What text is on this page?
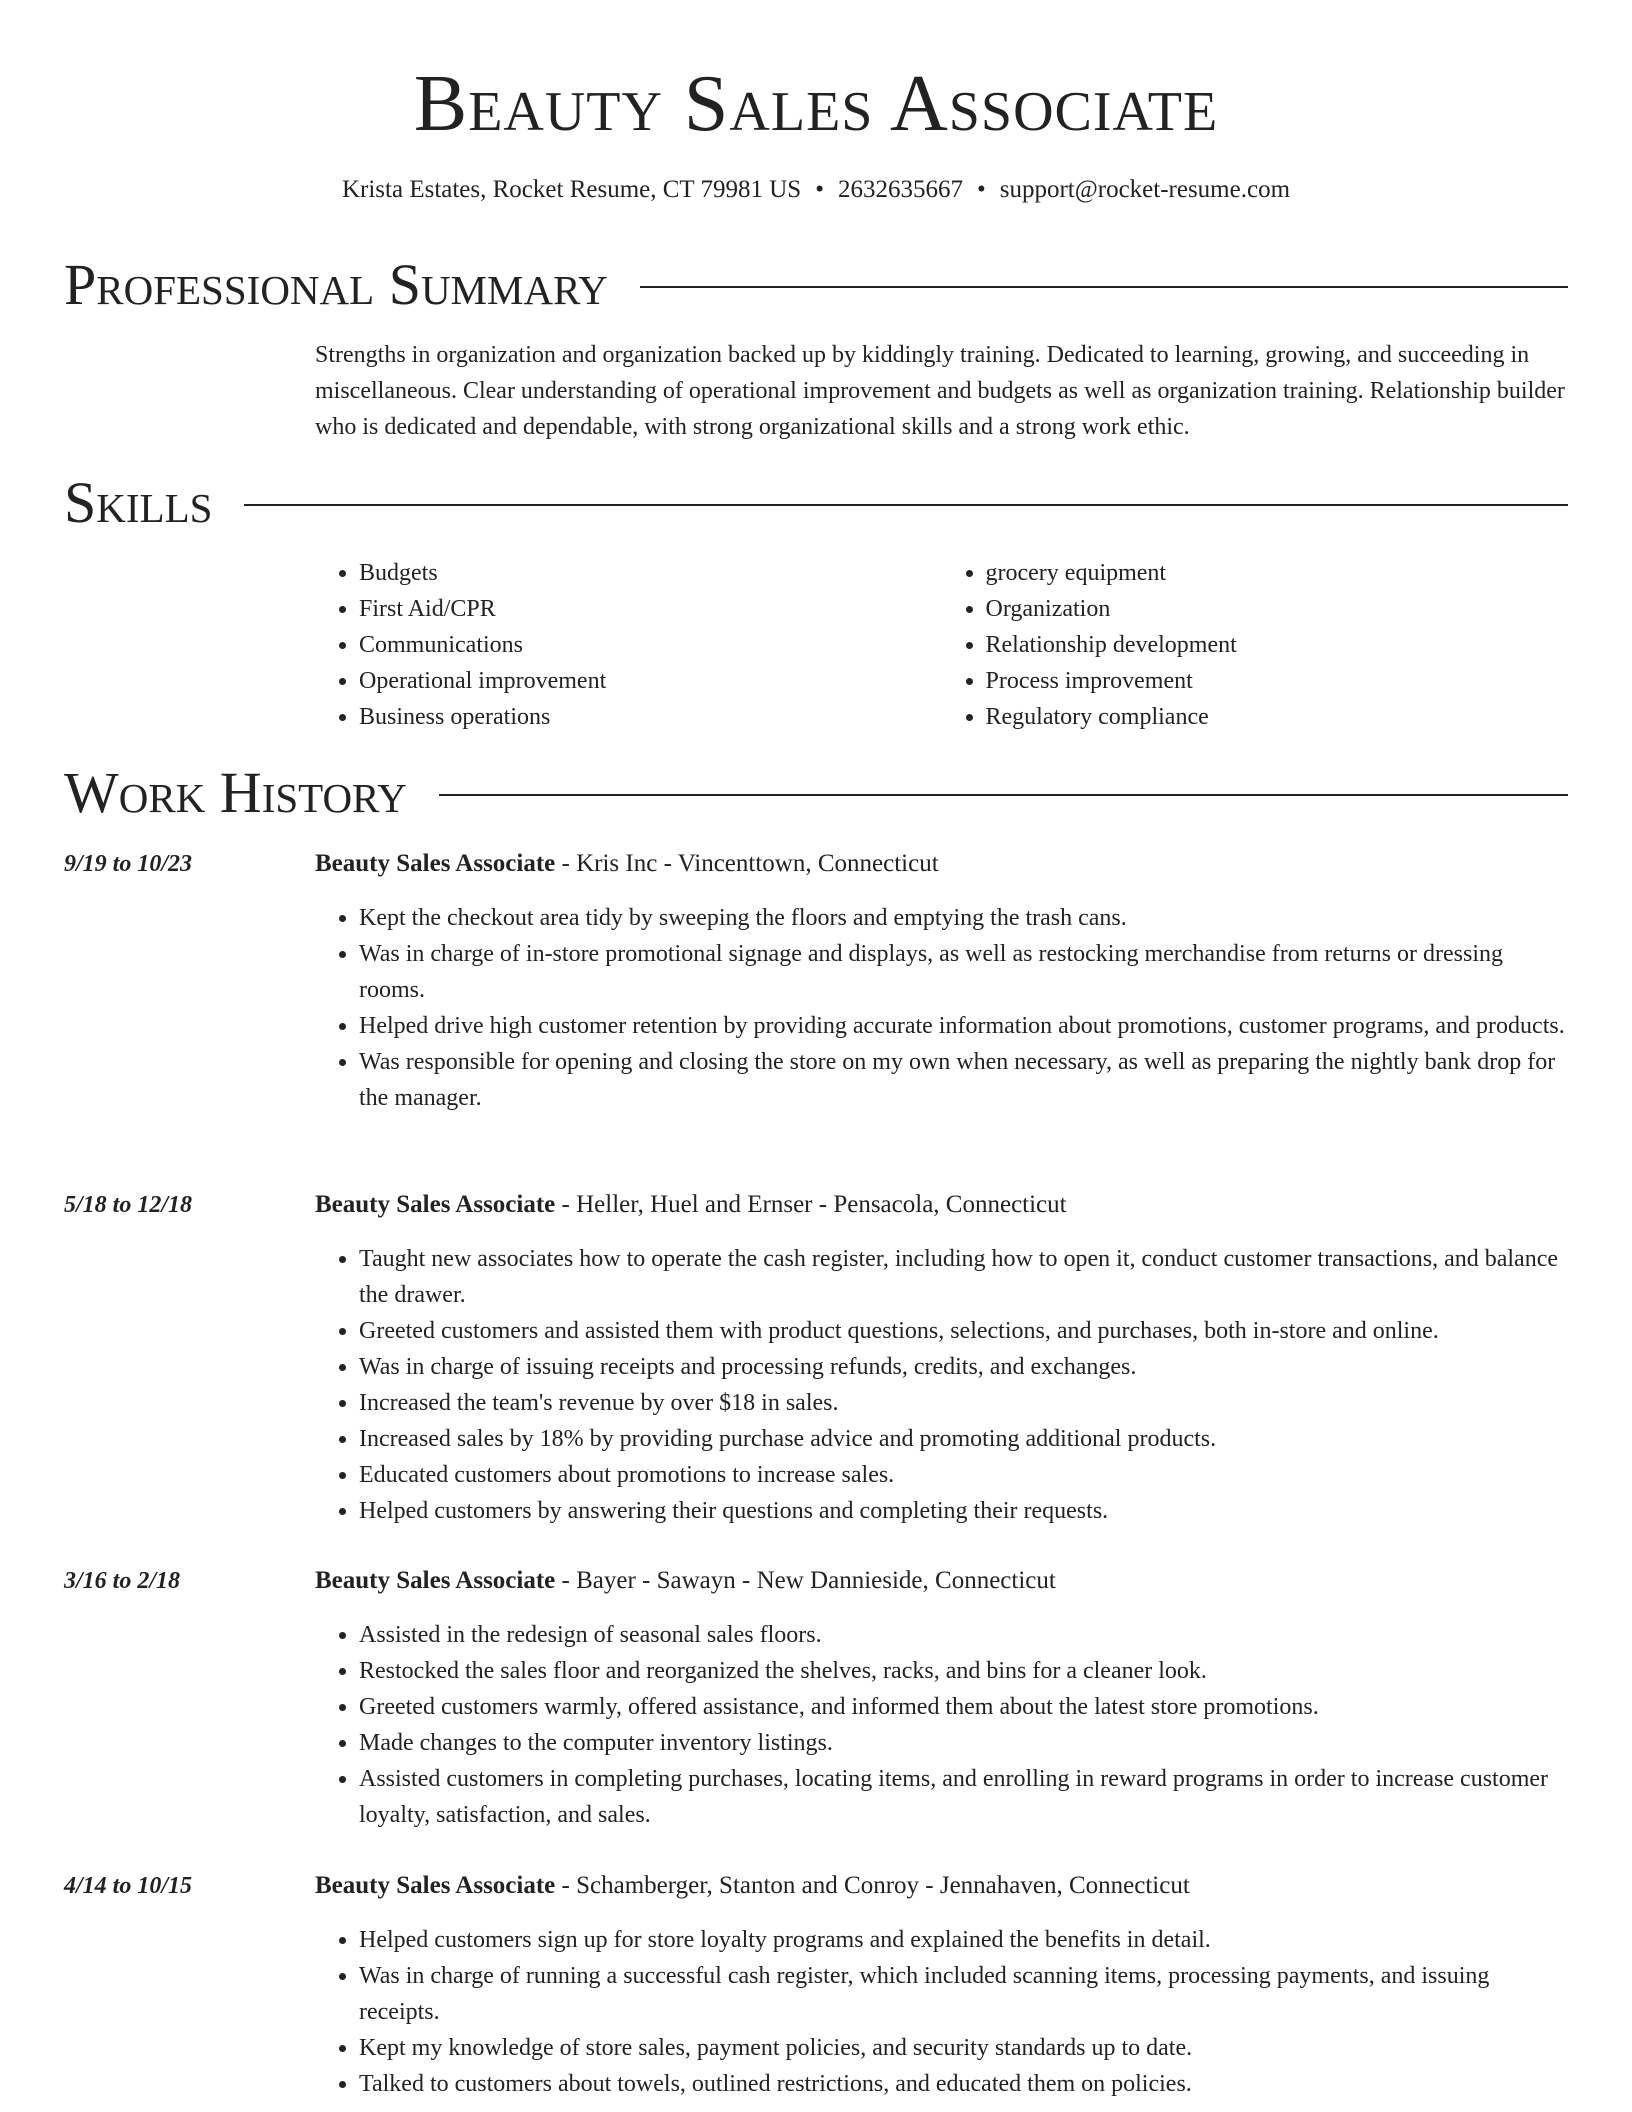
Beauty Sales Associate

Krista Estates, Rocket Resume, CT 79981 US • 2632635667 • support@rocket-resume.com

Professional Summary

Strengths in organization and organization backed up by kiddingly training. Dedicated to learning, growing, and succeeding in miscellaneous. Clear understanding of operational improvement and budgets as well as organization training. Relationship builder who is dedicated and dependable, with strong organizational skills and a strong work ethic.

Skills
• Budgets
• First Aid/CPR
• Communications
• Operational improvement
• Business operations
• grocery equipment
• Organization
• Relationship development
• Process improvement
• Regulatory compliance
Work History
9/19 to 10/23	Beauty Sales Associate - Kris Inc - Vincenttown, Connecticut
• Kept the checkout area tidy by sweeping the floors and emptying the trash cans.
• Was in charge of in-store promotional signage and displays, as well as restocking merchandise from returns or dressing rooms.
• Helped drive high customer retention by providing accurate information about promotions, customer programs, and products.
• Was responsible for opening and closing the store on my own when necessary, as well as preparing the nightly bank drop for the manager.
5/18 to 12/18	Beauty Sales Associate - Heller, Huel and Ernser - Pensacola, Connecticut
• Taught new associates how to operate the cash register, including how to open it, conduct customer transactions, and balance the drawer.
• Greeted customers and assisted them with product questions, selections, and purchases, both in-store and online.
• Was in charge of issuing receipts and processing refunds, credits, and exchanges.
• Increased the team's revenue by over $18 in sales.
• Increased sales by 18% by providing purchase advice and promoting additional products.
• Educated customers about promotions to increase sales.
• Helped customers by answering their questions and completing their requests.
3/16 to 2/18	Beauty Sales Associate - Bayer - Sawayn - New Dannieside, Connecticut
• Assisted in the redesign of seasonal sales floors.
• Restocked the sales floor and reorganized the shelves, racks, and bins for a cleaner look.
• Greeted customers warmly, offered assistance, and informed them about the latest store promotions.
• Made changes to the computer inventory listings.
• Assisted customers in completing purchases, locating items, and enrolling in reward programs in order to increase customer loyalty, satisfaction, and sales.
4/14 to 10/15	Beauty Sales Associate - Schamberger, Stanton and Conroy - Jennahaven, Connecticut
• Helped customers sign up for store loyalty programs and explained the benefits in detail.
• Was in charge of running a successful cash register, which included scanning items, processing payments, and issuing receipts.
• Kept my knowledge of store sales, payment policies, and security standards up to date.
• Talked to customers about towels, outlined restrictions, and educated them on policies.
